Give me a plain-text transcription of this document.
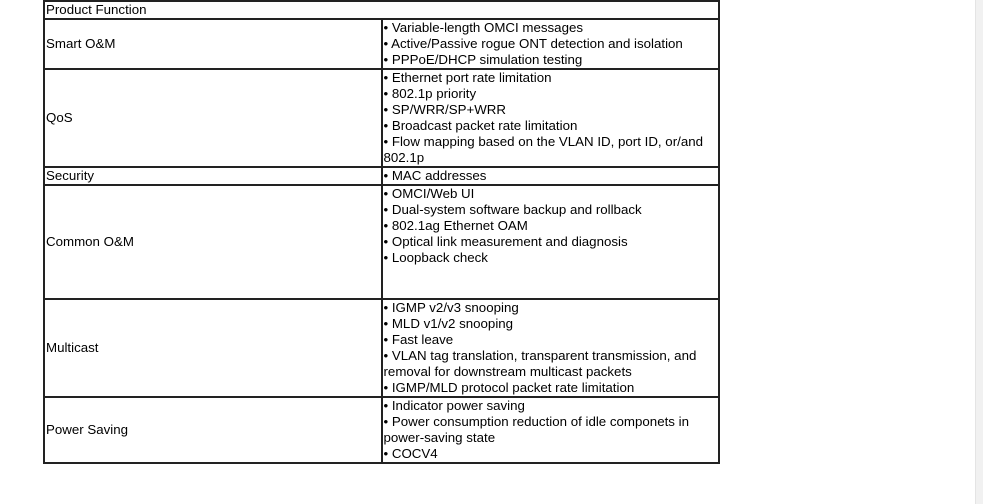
Product Function	
Smart O&M	• Variable-length OMCI messages
• Active/Passive rogue ONT detection and isolation
• PPPoE/DHCP simulation testing

QoS	• Ethernet port rate limitation
• 802.1p priority
• SP/WRR/SP+WRR
• Broadcast packet rate limitation
• Flow mapping based on the VLAN ID, port ID, or/and 802.1p

Security	• MAC addresses

Common O&M	• OMCI/Web UI
• Dual-system software backup and rollback
• 802.1ag Ethernet OAM
• Optical link measurement and diagnosis
• Loopback check

Multicast	• IGMP v2/v3 snooping
• MLD v1/v2 snooping
• Fast leave
• VLAN tag translation, transparent transmission, and removal for downstream multicast packets
• IGMP/MLD protocol packet rate limitation

Power Saving	• Indicator power saving
• Power consumption reduction of idle componets in power-saving state
• COCV4
